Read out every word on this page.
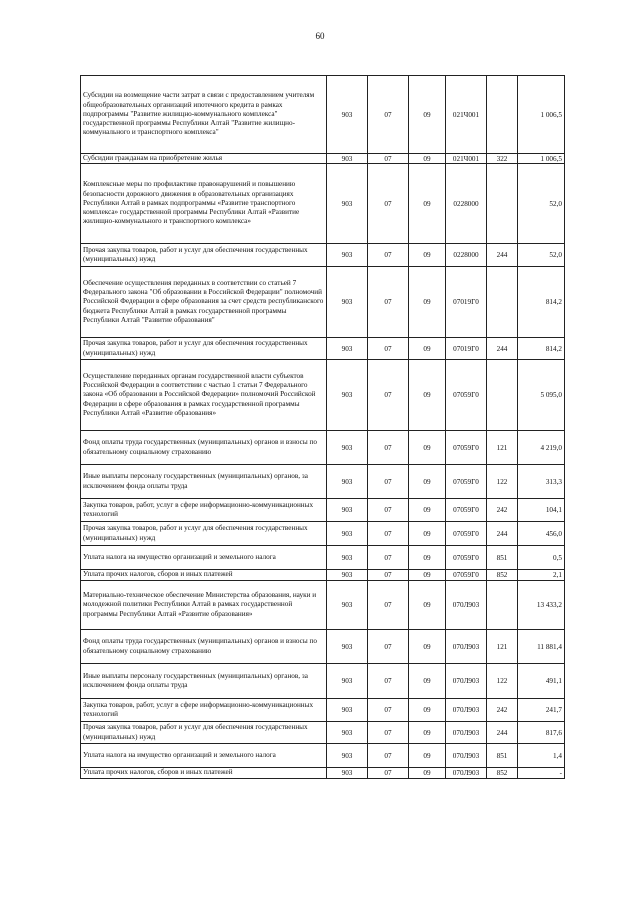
60
Субсидии на возмещение части затрат в связи с предоставлением учителям общеобразовательных организаций ипотечного кредита в рамках подпрограммы "Развитие жилищно-коммунального комплекса" государственной программы Республики Алтай "Развитие жилищно-коммунального и транспортного комплекса"	903	07	09	021Ч001		1 006,5

Субсидии гражданам на приобретение жилья	903	07	09	021Ч001	322	1 006,5

Комплексные меры по профилактике правонарушений и повышению безопасности дорожного движения в образовательных организациях Республики Алтай в рамках подпрограммы «Развитие транспортного комплекса» государственной программы Республики Алтай «Развитие жилищно-коммунального и транспортного комплекса»	903	07	09	0228000		52,0

Прочая закупка товаров, работ и услуг для обеспечения государственных (муниципальных) нужд	903	07	09	0228000	244	52,0

Обеспечение осуществления переданных в соответствии со статьей 7 Федерального закона "Об образовании в Российской Федерации" полномочий Российской Федерации в сфере образования за счет средств республиканского бюджета Республики Алтай в рамках государственной программы Республики Алтай "Развитие образования"	903	07	09	07019Г0		814,2

Прочая закупка товаров, работ и услуг для обеспечения государственных (муниципальных) нужд	903	07	09	07019Г0	244	814,2

Осуществление переданных органам государственной власти субъектов Российской Федерации в соответствии с частью 1 статьи 7 Федерального закона «Об образовании в Российской Федерации» полномочий Российской Федерации в сфере образования в рамках государственной программы Республики Алтай «Развитие образования»	903	07	09	07059Г0		5 095,0

Фонд оплаты труда государственных (муниципальных) органов и взносы по обязательному социальному страхованию	903	07	09	07059Г0	121	4 219,0

Иные выплаты персоналу государственных (муниципальных) органов, за исключением фонда оплаты труда	903	07	09	07059Г0	122	313,3

Закупка товаров, работ, услуг в сфере информационно-коммуникационных технологий	903	07	09	07059Г0	242	104,1

Прочая закупка товаров, работ и услуг для обеспечения государственных (муниципальных) нужд	903	07	09	07059Г0	244	456,0

Уплата налога на имущество организаций и земельного налога	903	07	09	07059Г0	851	0,5

Уплата прочих налогов, сборов и иных платежей	903	07	09	07059Г0	852	2,1

Материально-техническое обеспечение Министерства образования, науки и молодежной политики Республики Алтай в рамках государственной программы Республики Алтай «Развитие образования»	903	07	09	070Л903		13 433,2

Фонд оплаты труда государственных (муниципальных) органов и взносы по обязательному социальному страхованию	903	07	09	070Л903	121	11 881,4

Иные выплаты персоналу государственных (муниципальных) органов, за исключением фонда оплаты труда	903	07	09	070Л903	122	491,1

Закупка товаров, работ, услуг в сфере информационно-коммуникационных технологий	903	07	09	070Л903	242	241,7

Прочая закупка товаров, работ и услуг для обеспечения государственных (муниципальных) нужд	903	07	09	070Л903	244	817,6

Уплата налога на имущество организаций и земельного налога	903	07	09	070Л903	851	1,4

Уплата прочих налогов, сборов и иных платежей	903	07	09	070Л903	852	-
